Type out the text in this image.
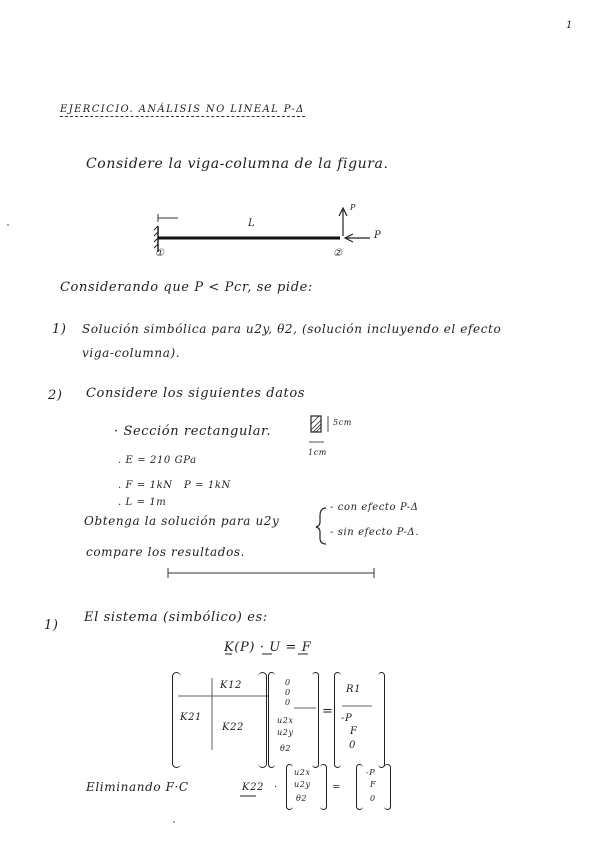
1
EJERCICIO. ANÁLISIS NO LINEAL P-Δ
Considere la viga-columna de la figura.
L
P
P
①	②
Considerando que P < Pcr, se pide:
1) Solución simbólica para u2y, θ2, (solución incluyendo el efecto
viga-columna).
2) Considere los siguientes datos
· Sección rectangular.
5cm
1cm
. E = 210 GPa
. F = 1kN P = 1kN
. L = 1m
Obtenga la solución para u2y
- con efecto P-Δ
- sin efecto P-Δ.
compare los resultados.
1)
El sistema (simbólico) es:
K(P) · U = F
K12
K21
K22
0
0
0
u2x
u2y
θ2
=
R1
-P
F
0
Eliminando F·C	K22 ·
u2x
u2y
θ2
=
-P
F
0
